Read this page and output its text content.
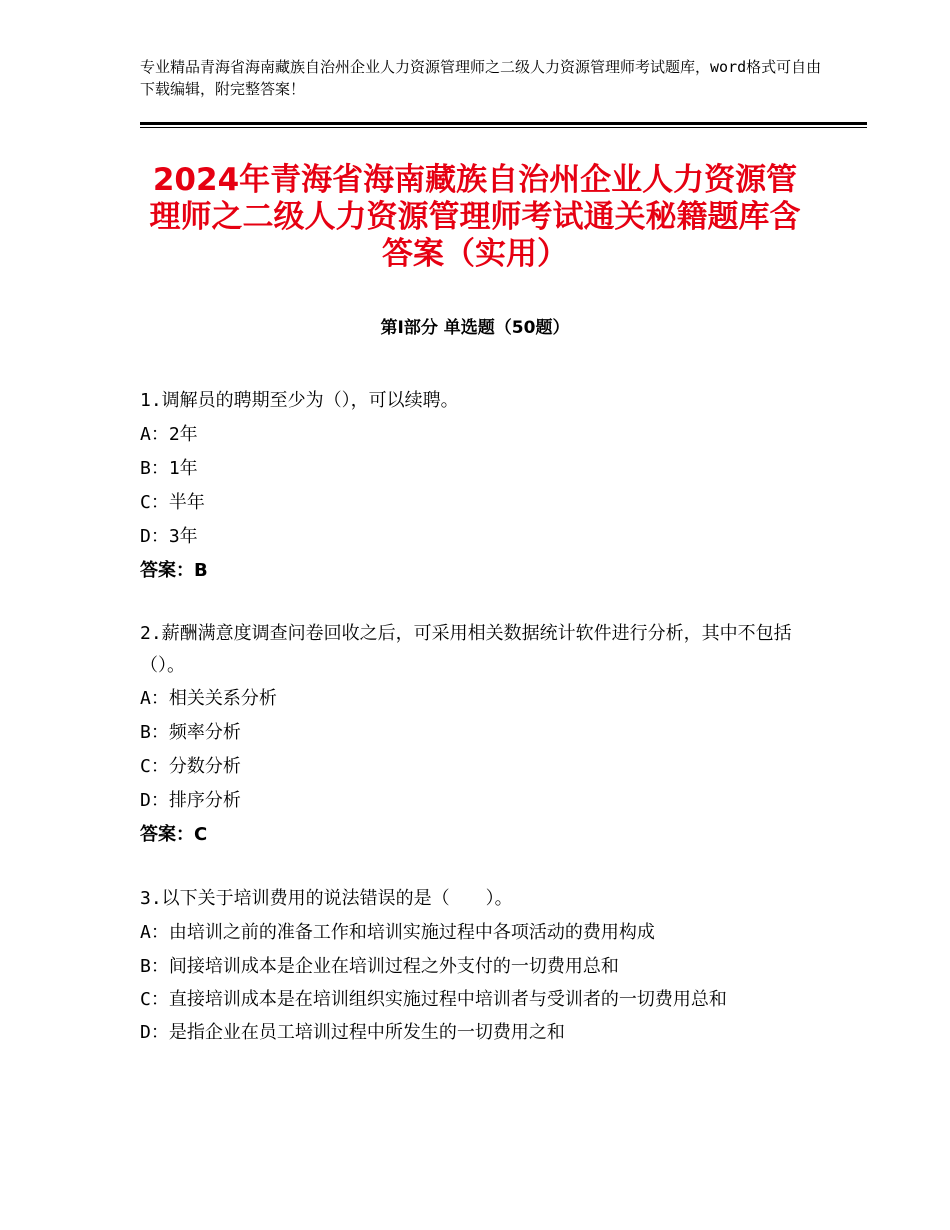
专业精品青海省海南藏族自治州企业人力资源管理师之二级人力资源管理师考试题库，word格式可自由下载编辑，附完整答案！
2024年青海省海南藏族自治州企业人力资源管理师之二级人力资源管理师考试通关秘籍题库含答案（实用）
第Ⅰ部分 单选题（50题）
1.调解员的聘期至少为（），可以续聘。
A：2年
B：1年
C：半年
D：3年
答案：B
2.薪酬满意度调查问卷回收之后，可采用相关数据统计软件进行分析，其中不包括（）。
A：相关关系分析
B：频率分析
C：分数分析
D：排序分析
答案：C
3.以下关于培训费用的说法错误的是（　　）。
A：由培训之前的准备工作和培训实施过程中各项活动的费用构成
B：间接培训成本是企业在培训过程之外支付的一切费用总和
C：直接培训成本是在培训组织实施过程中培训者与受训者的一切费用总和
D：是指企业在员工培训过程中所发生的一切费用之和
